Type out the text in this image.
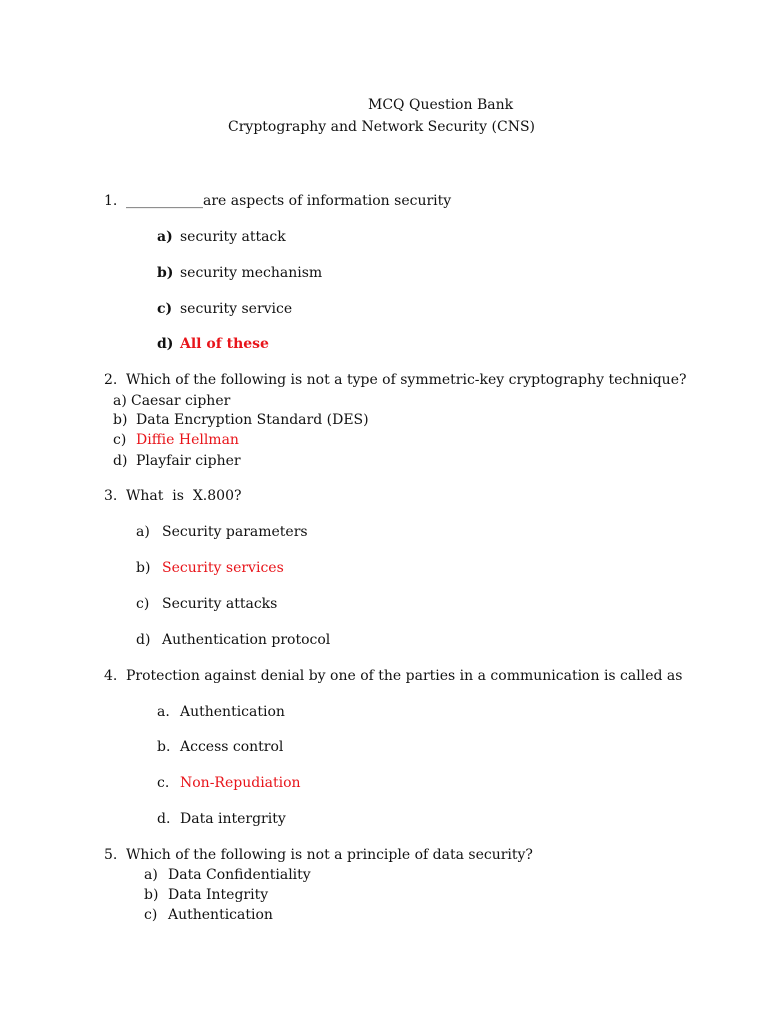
MCQ Question Bank
Cryptography and Network Security (CNS)
1. ___________are aspects of information security
a) security attack
b) security mechanism
c) security service
d) All of these
2. Which of the following is not a type of symmetric-key cryptography technique?
a) Caesar cipher
b) Data Encryption Standard (DES)
c) Diffie Hellman
d) Playfair cipher
3. What  is  X.800?
a) Security parameters
b) Security services
c) Security attacks
d) Authentication protocol
4. Protection against denial by one of the parties in a communication is called as
a. Authentication
b. Access control
c. Non-Repudiation
d. Data intergrity
5. Which of the following is not a principle of data security?
a) Data Confidentiality
b) Data Integrity
c) Authentication
